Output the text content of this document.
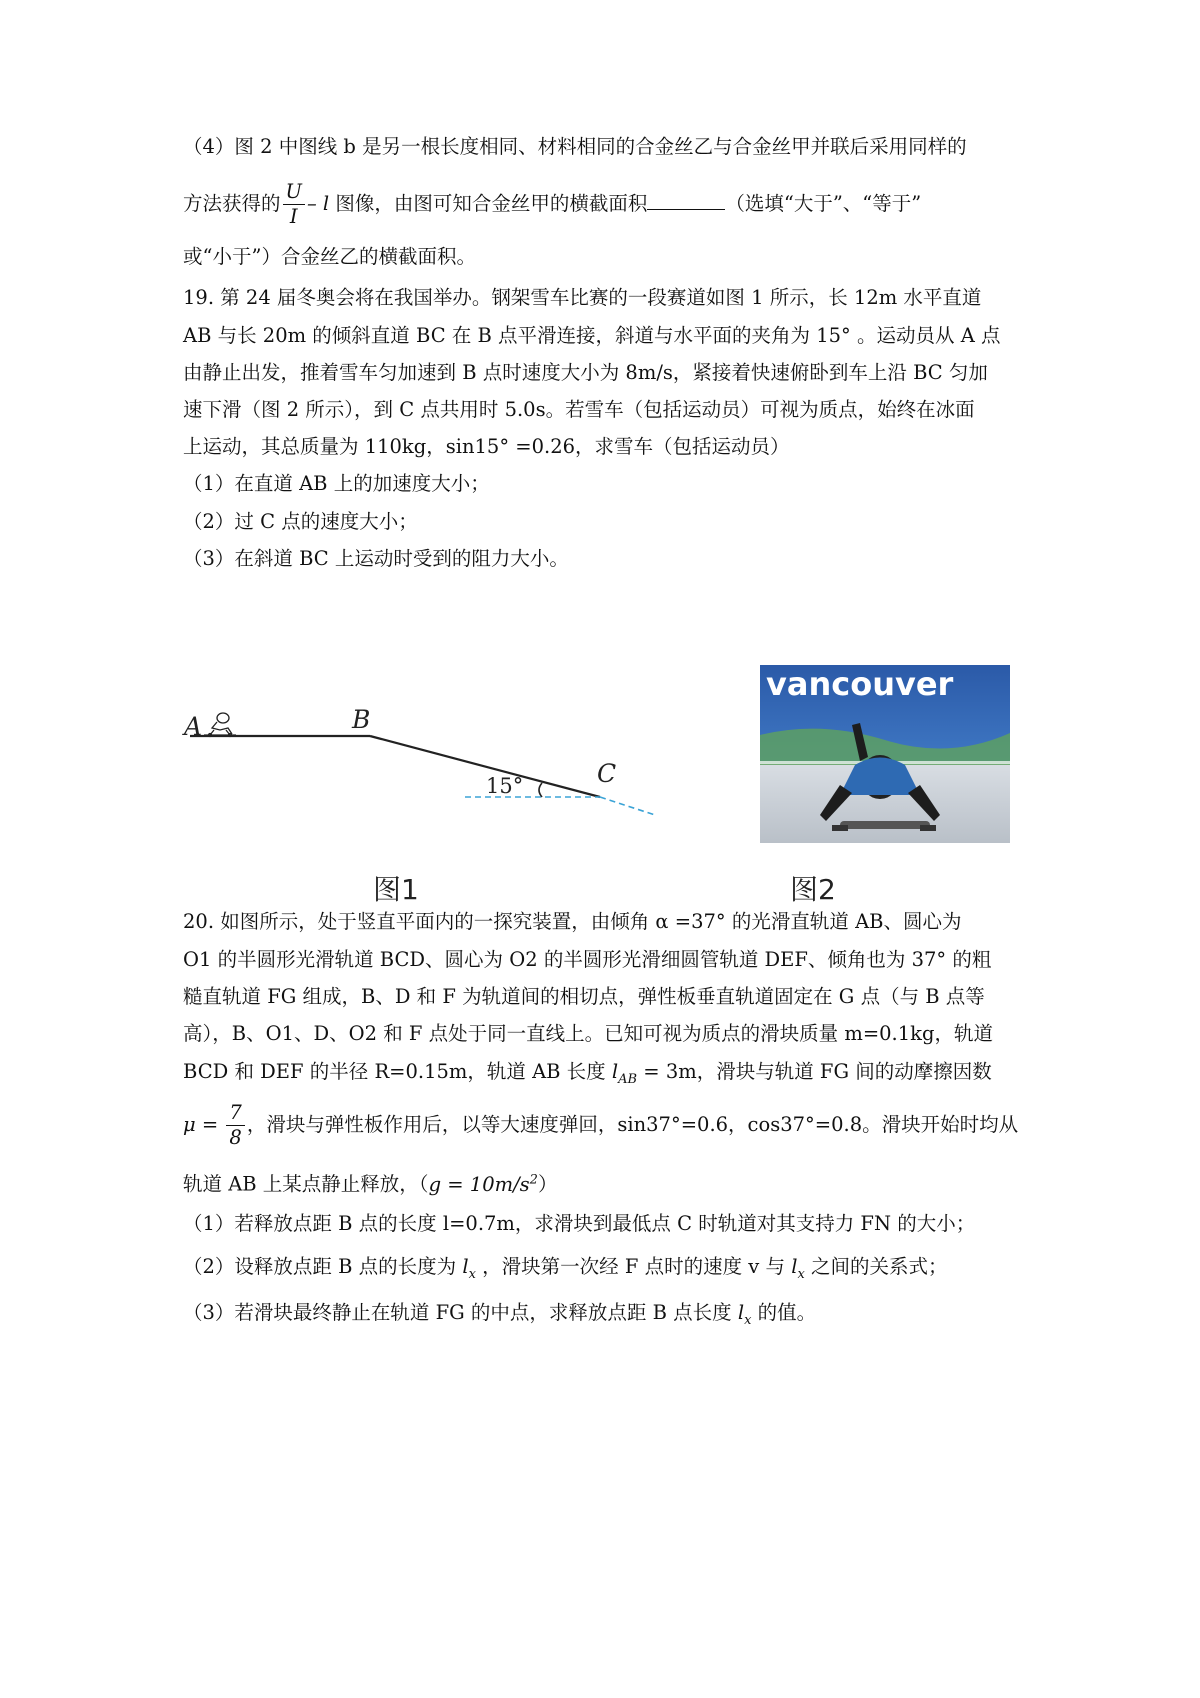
（4）图 2 中图线 b 是另一根长度相同、材料相同的合金丝乙与合金丝甲并联后采用同样的
方法获得的 $\frac{U}{I}$ – l 图像，由图可知合金丝甲的横截面积	（选填“大于”、“等于”
或“小于”）合金丝乙的横截面积。
19. 第 24 届冬奥会将在我国举办。钢架雪车比赛的一段赛道如图 1 所示，长 12m 水平直道
AB 与长 20m 的倾斜直道 BC 在 B 点平滑连接，斜道与水平面的夹角为 15° 。运动员从 A 点
由静止出发，推着雪车匀加速到 B 点时速度大小为 8m/s，紧接着快速俯卧到车上沿 BC 匀加
速下滑（图 2 所示），到 C 点共用时 5.0s。若雪车（包括运动员）可视为质点，始终在冰面
上运动，其总质量为 110kg，sin15° =0.26，求雪车（包括运动员）
（1）在直道 AB 上的加速度大小；
（2）过 C 点的速度大小；
（3）在斜道 BC 上运动时受到的阻力大小。
A	B
C
15°
图1
vancouver
图2
20. 如图所示，处于竖直平面内的一探究装置，由倾角 α =37° 的光滑直轨道 AB、圆心为
O1 的半圆形光滑轨道 BCD、圆心为 O2 的半圆形光滑细圆管轨道 DEF、倾角也为 37° 的粗
糙直轨道 FG 组成，B、D 和 F 为轨道间的相切点，弹性板垂直轨道固定在 G 点（与 B 点等
高），B、O1、D、O2 和 F 点处于同一直线上。已知可视为质点的滑块质量 m=0.1kg，轨道
BCD 和 DEF 的半径 R=0.15m，轨道 AB 长度 $l_{AB} = 3m$，滑块与轨道 FG 间的动摩擦因数
$\mu = \frac{7}{8}$ ，滑块与弹性板作用后，以等大速度弹回，sin37°=0.6，cos37°=0.8。滑块开始时均从
轨道 AB 上某点静止释放，$(g = 10m/s^2)$
（1）若释放点距 B 点的长度 l=0.7m，求滑块到最低点 C 时轨道对其支持力 FN 的大小；
（2）设释放点距 B 点的长度为 $l_x$ ，滑块第一次经 F 点时的速度 v 与 $l_x$ 之间的关系式；
（3）若滑块最终静止在轨道 FG 的中点，求释放点距 B 点长度 $l_x$ 的值。
